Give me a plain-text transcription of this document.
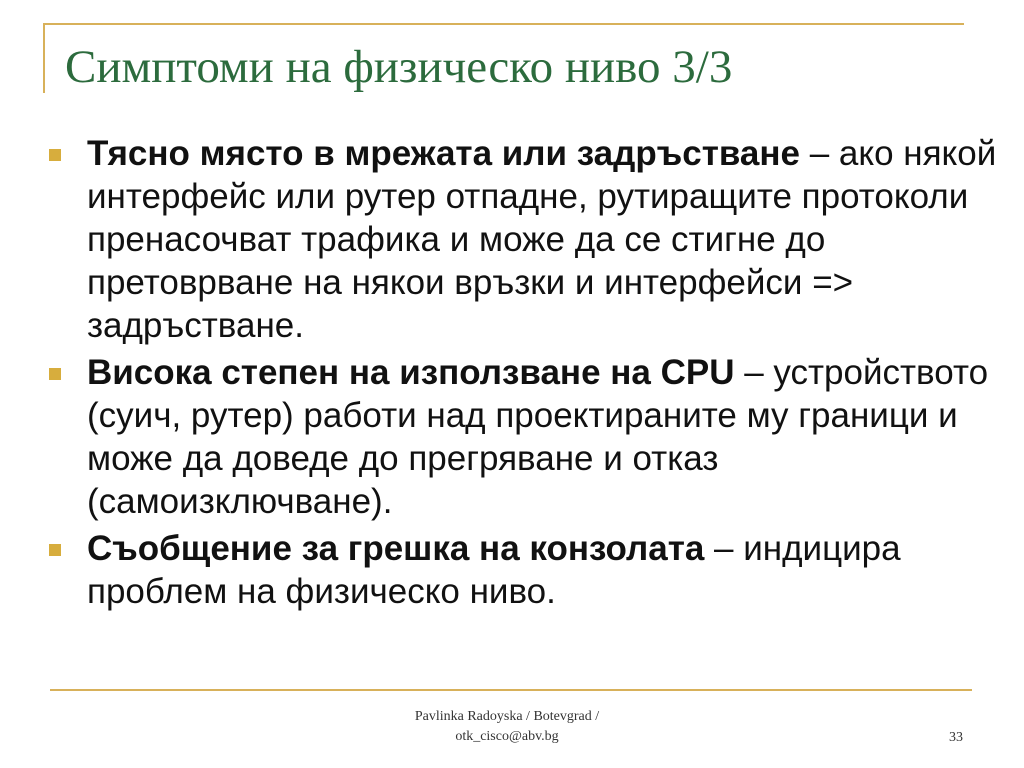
Симптоми на физическо ниво 3/3
Тясно място в мрежата или задръстване – ако някой интерфейс или рутер отпадне, рутиращите протоколи пренасочват трафика и може да се стигне до претоврване на някои връзки и интерфейси => задръстване.
Висока степен на използване на CPU – устройството (суич, рутер) работи над проектираните му граници и може да доведе до прегряване и отказ (самоизключване).
Съобщение за грешка на конзолата – индицира проблем на физическо ниво.
Pavlinka Radoyska / Botevgrad /
otk_cisco@abv.bg	33
